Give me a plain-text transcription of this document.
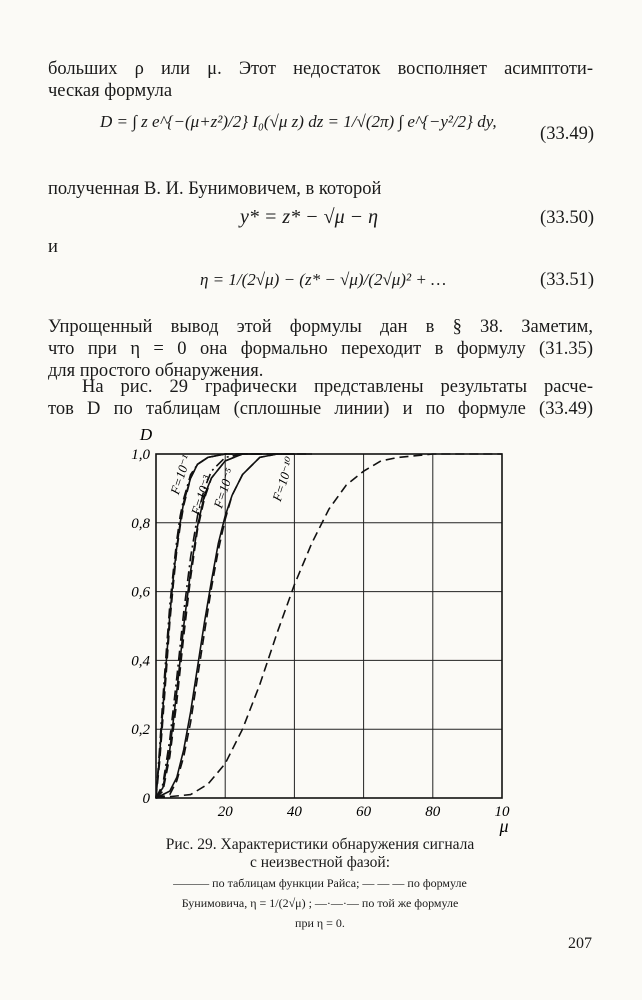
больших ρ или μ. Этот недостаток восполняет асимптоти-
ческая формула
D = ∫ z e^{−(μ+z²)/2} I₀(√μ z) dz = 1/√(2π) ∫ e^{−y²/2} dy,
(33.49)
полученная В. И. Бунимовичем, в которой
y* = z* − √μ − η	(33.50)
и
η = 1/(2√μ) − (z* − √μ)/(2√μ)² + …	(33.51)
Упрощенный вывод этой формулы дан в § 38. Заметим,
что при η = 0 она формально переходит в формулу (31.35)
для простого обнаружения.
На рис. 29 графически представлены результаты расче-
тов D по таблицам (сплошные линии) и по формуле (33.49)
0
0,2
0,4
0,6
0,8
1,0
20	40	60	80	10
D
μ
F=10⁻¹
F=10⁻³
F=10⁻⁵ F=10⁻¹⁰
Рис. 29. Характеристики обнаружения сигнала
с неизвестной фазой:
——— по таблицам функции Райса; — — — по формуле
Бунимовича, η = 1/(2√μ) ; —·—·— по той же формуле
при η = 0.
207
